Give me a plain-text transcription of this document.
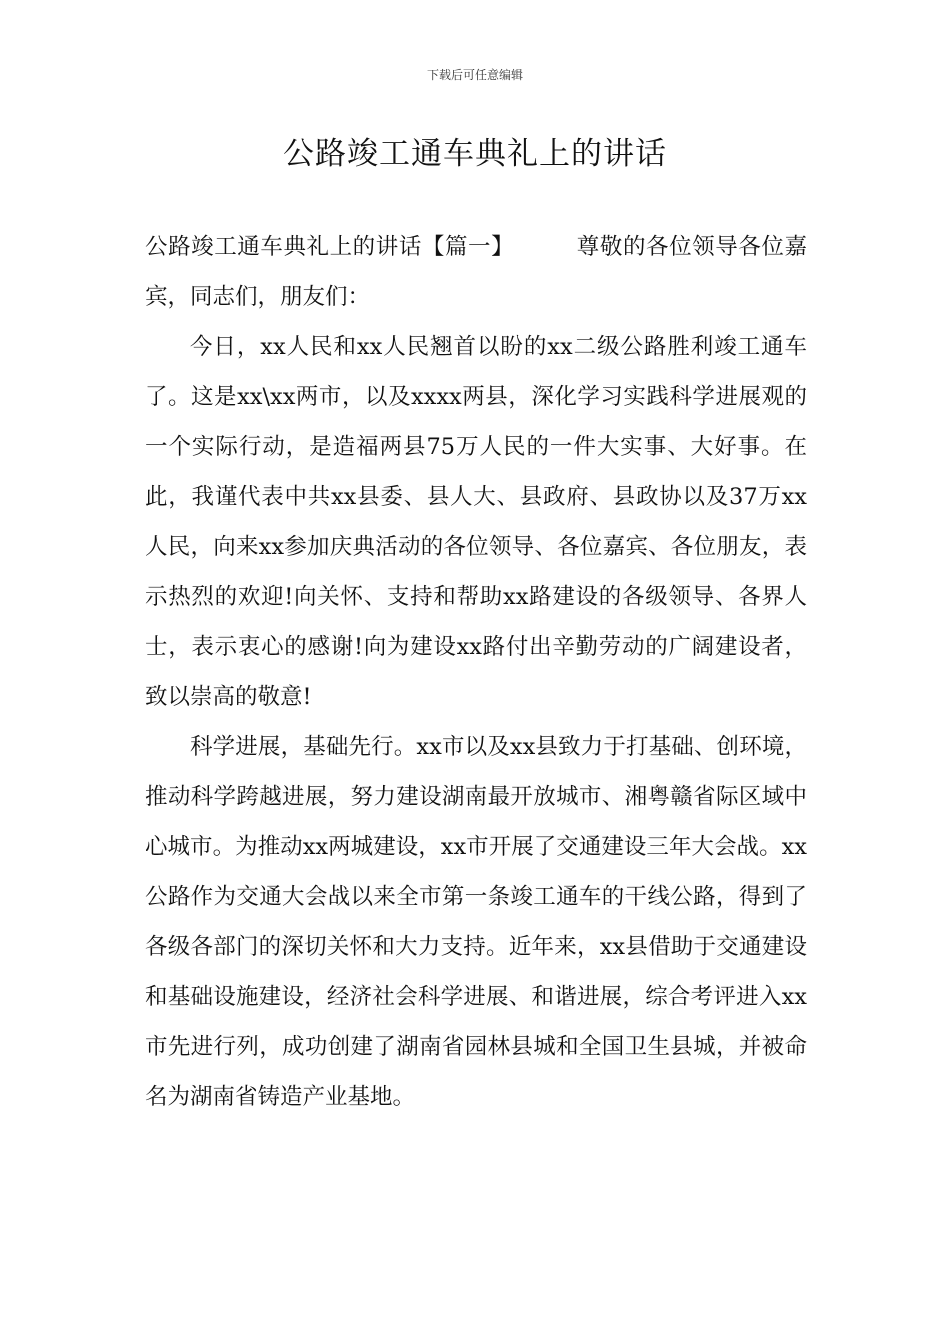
下载后可任意编辑
公路竣工通车典礼上的讲话

公路竣工通车典礼上的讲话【篇一】	尊敬的各位领导各位嘉宾，同志们，朋友们：

今日，xx人民和xx人民翘首以盼的xx二级公路胜利竣工通车了。这是xx\xx两市，以及xxxx两县，深化学习实践科学进展观的一个实际行动，是造福两县75万人民的一件大实事、大好事。在此，我谨代表中共xx县委、县人大、县政府、县政协以及37万xx人民，向来xx参加庆典活动的各位领导、各位嘉宾、各位朋友，表示热烈的欢迎!向关怀、支持和帮助xx路建设的各级领导、各界人士，表示衷心的感谢!向为建设xx路付出辛勤劳动的广阔建设者，致以崇高的敬意!

科学进展，基础先行。xx市以及xx县致力于打基础、创环境，推动科学跨越进展，努力建设湖南最开放城市、湘粤赣省际区域中心城市。为推动xx两城建设，xx市开展了交通建设三年大会战。xx公路作为交通大会战以来全市第一条竣工通车的干线公路，得到了各级各部门的深切关怀和大力支持。近年来，xx县借助于交通建设和基础设施建设，经济社会科学进展、和谐进展，综合考评进入xx市先进行列，成功创建了湖南省园林县城和全国卫生县城，并被命名为湖南省铸造产业基地。
